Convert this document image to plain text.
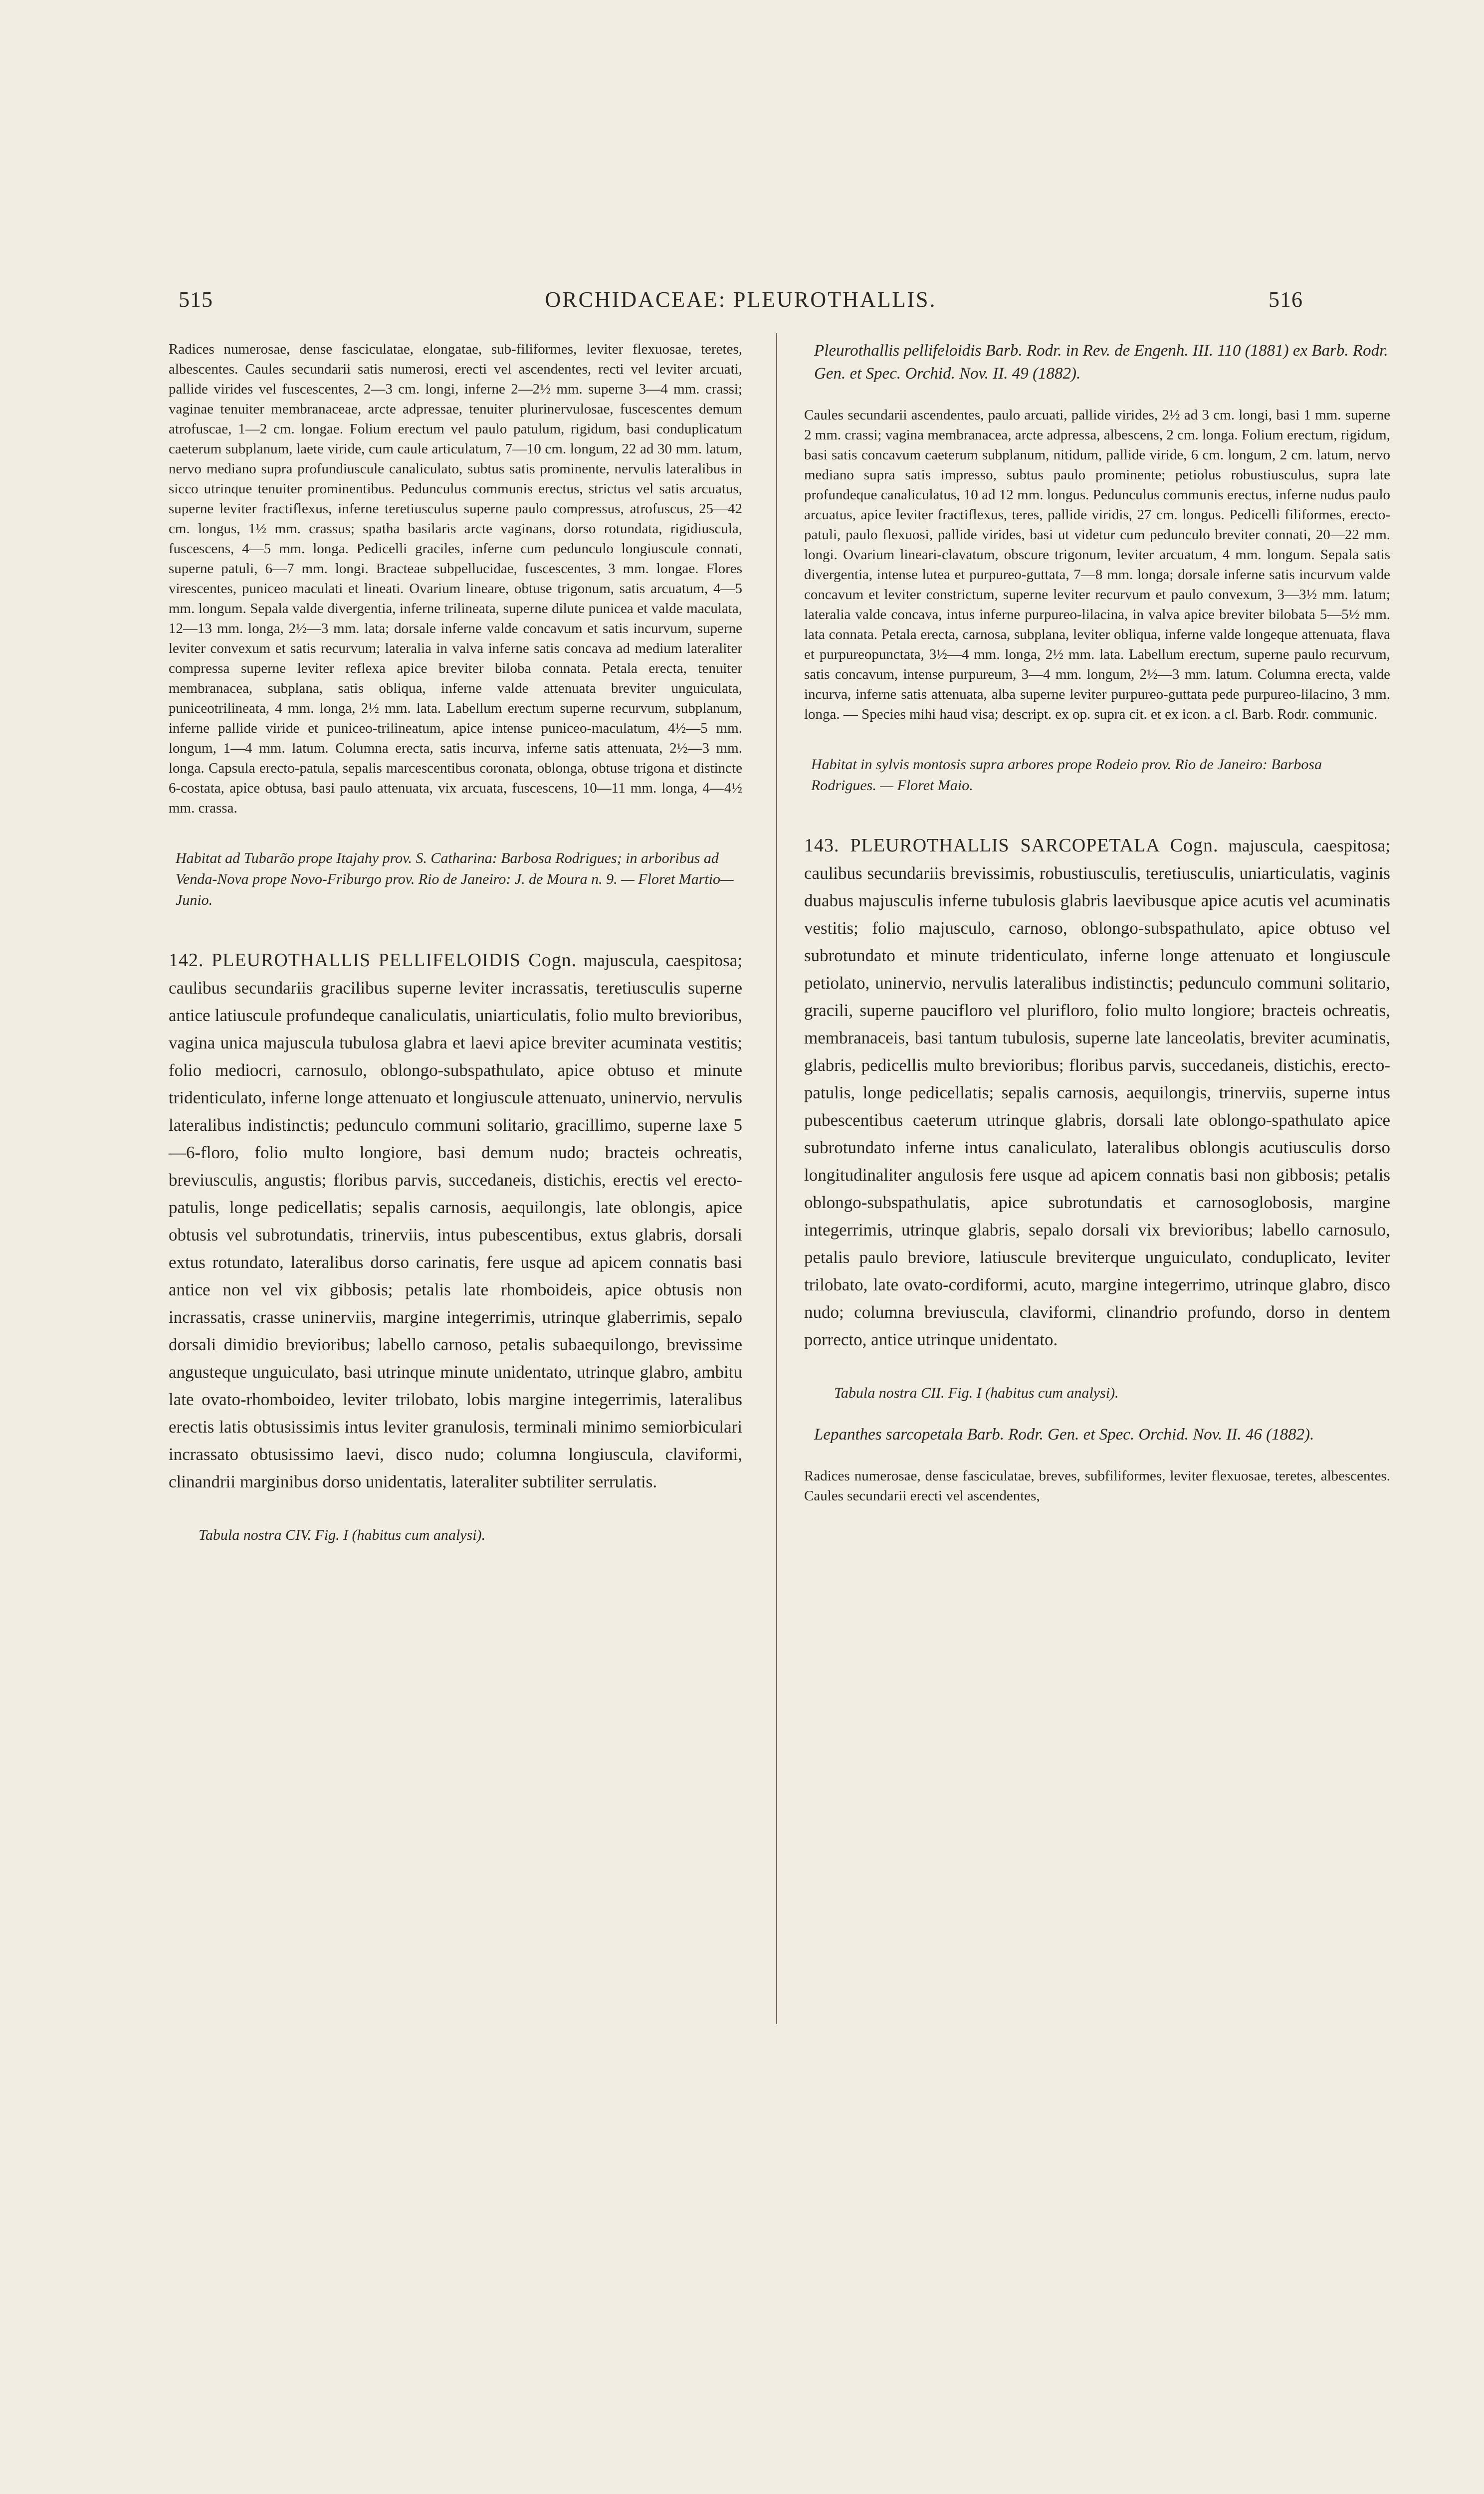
515	ORCHIDACEAE: PLEUROTHALLIS.	516

Radices numerosae, dense fasciculatae, elongatae, sub-filiformes, leviter flexuosae, teretes, albescentes. Caules secundarii satis numerosi, erecti vel ascendentes, recti vel leviter arcuati, pallide virides vel fuscescentes, 2—3 cm. longi, inferne 2—2½ mm. superne 3—4 mm. crassi; vaginae tenuiter membranaceae, arcte adpressae, tenuiter plurinervulosae, fuscescentes demum atrofuscae, 1—2 cm. longae. Folium erectum vel paulo patulum, rigidum, basi conduplicatum caeterum subplanum, laete viride, cum caule articulatum, 7—10 cm. longum, 22 ad 30 mm. latum, nervo mediano supra profundiuscule canaliculato, subtus satis prominente, nervulis lateralibus in sicco utrinque tenuiter prominentibus. Pedunculus communis erectus, strictus vel satis arcuatus, superne leviter fractiflexus, inferne teretiusculus superne paulo compressus, atrofuscus, 25—42 cm. longus, 1½ mm. crassus; spatha basilaris arcte vaginans, dorso rotundata, rigidiuscula, fuscescens, 4—5 mm. longa. Pedicelli graciles, inferne cum pedunculo longiuscule connati, superne patuli, 6—7 mm. longi. Bracteae subpellucidae, fuscescentes, 3 mm. longae. Flores virescentes, puniceo maculati et lineati. Ovarium lineare, obtuse trigonum, satis arcuatum, 4—5 mm. longum. Sepala valde divergentia, inferne trilineata, superne dilute punicea et valde maculata, 12—13 mm. longa, 2½—3 mm. lata; dorsale inferne valde concavum et satis incurvum, superne leviter convexum et satis recurvum; lateralia in valva inferne satis concava ad medium lateraliter compressa superne leviter reflexa apice breviter biloba connata. Petala erecta, tenuiter membranacea, subplana, satis obliqua, inferne valde attenuata breviter unguiculata, puniceotrilineata, 4 mm. longa, 2½ mm. lata. Labellum erectum superne recurvum, subplanum, inferne pallide viride et puniceo-trilineatum, apice intense puniceo-maculatum, 4½—5 mm. longum, 1—4 mm. latum. Columna erecta, satis incurva, inferne satis attenuata, 2½—3 mm. longa. Capsula erecto-patula, sepalis marcescentibus coronata, oblonga, obtuse trigona et distincte 6-costata, apice obtusa, basi paulo attenuata, vix arcuata, fuscescens, 10—11 mm. longa, 4—4½ mm. crassa.

Habitat ad Tubarão prope Itajahy prov. S. Catharina: Barbosa Rodrigues; in arboribus ad Venda-Nova prope Novo-Friburgo prov. Rio de Janeiro: J. de Moura n. 9. — Floret Martio—Junio.

142. PLEUROTHALLIS PELLIFELOIDIS Cogn. majuscula, caespitosa; caulibus secundariis gracilibus superne leviter incrassatis, teretiusculis superne antice latiuscule profundeque canaliculatis, uniarticulatis, folio multo brevioribus, vagina unica majuscula tubulosa glabra et laevi apice breviter acuminata vestitis; folio mediocri, carnosulo, oblongo-subspathulato, apice obtuso et minute tridenticulato, inferne longe attenuato et longiuscule attenuato, uninervio, nervulis lateralibus indistinctis; pedunculo communi solitario, gracillimo, superne laxe 5—6-floro, folio multo longiore, basi demum nudo; bracteis ochreatis, breviusculis, angustis; floribus parvis, succedaneis, distichis, erectis vel erecto-patulis, longe pedicellatis; sepalis carnosis, aequilongis, late oblongis, apice obtusis vel subrotundatis, trinerviis, intus pubescentibus, extus glabris, dorsali extus rotundato, lateralibus dorso carinatis, fere usque ad apicem connatis basi antice non vel vix gibbosis; petalis late rhomboideis, apice obtusis non incrassatis, crasse uninerviis, margine integerrimis, utrinque glaberrimis, sepalo dorsali dimidio brevioribus; labello carnoso, petalis subaequilongo, brevissime angusteque unguiculato, basi utrinque minute unidentato, utrinque glabro, ambitu late ovato-rhomboideo, leviter trilobato, lobis margine integerrimis, lateralibus erectis latis obtusissimis intus leviter granulosis, terminali minimo semiorbiculari incrassato obtusissimo laevi, disco nudo; columna longiuscula, claviformi, clinandrii marginibus dorso unidentatis, lateraliter subtiliter serrulatis.

Tabula nostra CIV. Fig. I (habitus cum analysi).

Pleurothallis pellifeloidis Barb. Rodr. in Rev. de Engenh. III. 110 (1881) ex Barb. Rodr. Gen. et Spec. Orchid. Nov. II. 49 (1882).

Caules secundarii ascendentes, paulo arcuati, pallide virides, 2½ ad 3 cm. longi, basi 1 mm. superne 2 mm. crassi; vagina membranacea, arcte adpressa, albescens, 2 cm. longa. Folium erectum, rigidum, basi satis concavum caeterum subplanum, nitidum, pallide viride, 6 cm. longum, 2 cm. latum, nervo mediano supra satis impresso, subtus paulo prominente; petiolus robustiusculus, supra late profundeque canaliculatus, 10 ad 12 mm. longus. Pedunculus communis erectus, inferne nudus paulo arcuatus, apice leviter fractiflexus, teres, pallide viridis, 27 cm. longus. Pedicelli filiformes, erecto-patuli, paulo flexuosi, pallide virides, basi ut videtur cum pedunculo breviter connati, 20—22 mm. longi. Ovarium lineari-clavatum, obscure trigonum, leviter arcuatum, 4 mm. longum. Sepala satis divergentia, intense lutea et purpureo-guttata, 7—8 mm. longa; dorsale inferne satis incurvum valde concavum et leviter constrictum, superne leviter recurvum et paulo convexum, 3—3½ mm. latum; lateralia valde concava, intus inferne purpureo-lilacina, in valva apice breviter bilobata 5—5½ mm. lata connata. Petala erecta, carnosa, subplana, leviter obliqua, inferne valde longeque attenuata, flava et purpureopunctata, 3½—4 mm. longa, 2½ mm. lata. Labellum erectum, superne paulo recurvum, satis concavum, intense purpureum, 3—4 mm. longum, 2½—3 mm. latum. Columna erecta, valde incurva, inferne satis attenuata, alba superne leviter purpureo-guttata pede purpureo-lilacino, 3 mm. longa. — Species mihi haud visa; descript. ex op. supra cit. et ex icon. a cl. Barb. Rodr. communic.

Habitat in sylvis montosis supra arbores prope Rodeio prov. Rio de Janeiro: Barbosa Rodrigues. — Floret Maio.

143. PLEUROTHALLIS SARCOPETALA Cogn. majuscula, caespitosa; caulibus secundariis brevissimis, robustiusculis, teretiusculis, uniarticulatis, vaginis duabus majusculis inferne tubulosis glabris laevibusque apice acutis vel acuminatis vestitis; folio majusculo, carnoso, oblongo-subspathulato, apice obtuso vel subrotundato et minute tridenticulato, inferne longe attenuato et longiuscule petiolato, uninervio, nervulis lateralibus indistinctis; pedunculo communi solitario, gracili, superne paucifloro vel plurifloro, folio multo longiore; bracteis ochreatis, membranaceis, basi tantum tubulosis, superne late lanceolatis, breviter acuminatis, glabris, pedicellis multo brevioribus; floribus parvis, succedaneis, distichis, erecto-patulis, longe pedicellatis; sepalis carnosis, aequilongis, trinerviis, superne intus pubescentibus caeterum utrinque glabris, dorsali late oblongo-spathulato apice subrotundato inferne intus canaliculato, lateralibus oblongis acutiusculis dorso longitudinaliter angulosis fere usque ad apicem connatis basi non gibbosis; petalis oblongo-subspathulatis, apice subrotundatis et carnosoglobosis, margine integerrimis, utrinque glabris, sepalo dorsali vix brevioribus; labello carnosulo, petalis paulo breviore, latiuscule breviterque unguiculato, conduplicato, leviter trilobato, late ovato-cordiformi, acuto, margine integerrimo, utrinque glabro, disco nudo; columna breviuscula, claviformi, clinandrio profundo, dorso in dentem porrecto, antice utrinque unidentato.

Tabula nostra CII. Fig. I (habitus cum analysi).

Lepanthes sarcopetala Barb. Rodr. Gen. et Spec. Orchid. Nov. II. 46 (1882).

Radices numerosae, dense fasciculatae, breves, subfiliformes, leviter flexuosae, teretes, albescentes. Caules secundarii erecti vel ascendentes,
